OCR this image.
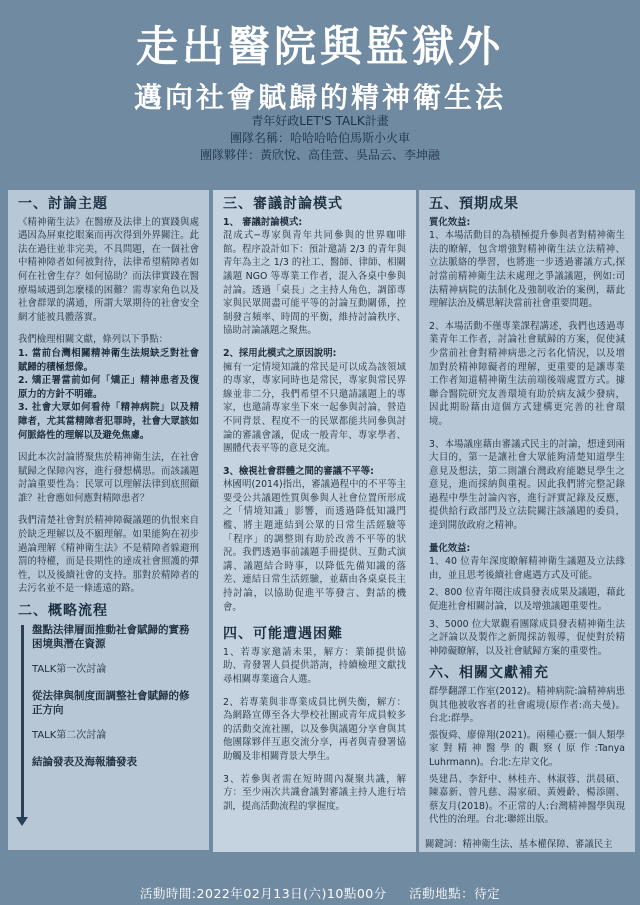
走出醫院與監獄外
邁向社會賦歸的精神衛生法
青年好政LET'S TALK計畫
團隊名稱：哈哈哈哈伯馬斯小火車
團隊夥伴：黃欣悅、高佳萱、吳品云、李坤融
一、討論主題

《精神衛生法》在醫療及法律上的實踐與處遇因為屏東挖眼案而再次得到外界關注。此法在過往並非完美，不具問題，在一個社會中精神障者如何被對待，法律希望精障者如何在社會生存？如何協助？而法律實踐在醫療場域遇到怎麼樣的困難？需專家角色以及社會群眾的溝通，所謂大眾期待的社會安全網才能被具體落實。

我們檢理相關文獻，條列以下爭點：
1. 當前台灣相關精神衛生法規缺乏對社會賦歸的積極想像。
2. 矯正署當前如何「矯正」精神患者及復原力的方針不明確。
3. 社會大眾如何看待「精神病院」以及精障者，尤其當精障者犯罪時，社會大眾該如何脈絡性的理解以及避免焦慮。

因此本次討論將聚焦於精神衛生法，在社會賦歸之保障內容，進行發想構思。而該議題討論重要性為：民眾可以理解法律到底照顧誰？社會應如何應對精障患者？

我們清楚社會對於精神障礙議題的仇恨來自於缺乏理解以及不願理解。如果能夠在初步過論理解《精神衛生法》不是精障者躲避刑罰的特權，而是長期性的達成社會照護的彈性，以及後續社會的支持。那對於精障者的去污名並不是一條遙遠的路。

二、概略流程
盤點法律層面推動社會賦歸的實務困境與潛在資源
TALK第一次討論
從法律與制度面調整社會賦歸的修正方向
TALK第二次討論
結論發表及海報牆發表
三、審議討論模式

1、 審議討論模式:
混成式─專家與青年共同參與的世界咖啡館。程序設計如下：預計邀請 2/3 的青年與青年為主之 1/3 的社工、醫師、律師、相關議題 NGO 等專業工作者，混入各桌中參與討論。透過「桌長」之主持人角色，調節專家與民眾間盡可能平等的討論互動關係，控制發言頻率、時間的平衡，維持討論秩序、協助討論議題之聚焦。

2、採用此模式之原因說明:
擁有一定情境知識的常民是可以成為該領域的專家，專家同時也是常民，專家與常民界線並非二分，我們希望不只邀請議題上的專家，也邀請專家坐下來一起參與討論，營造不同背景、程度不一的民眾都能共同參與討論的審議會議，促成一般青年、專家學者、團體代表平等的意見交流。

3、檢視社會群體之間的審議不平等:
林國明(2014)指出，審議過程中的不平等主要受公共議題性質與參與人社會位置所形成之「情境知識」影響，而透過降低知識門檻、將主題連結到公眾的日常生活經驗等「程序」的調整則有助於改善不平等的狀況。我們透過事前議題手冊提供、互動式演講、議題結合時事，以降低先備知識的落差、連結日常生活經驗，並藉由各桌桌長主持討論，以協助促進平等發言、對話的機會。

四、可能遭遇困難

1、若專家邀請未果，解方：業師提供協助、青發署人員提供諮詢，持續檢理文獻找尋相關專業適合人選。

2、若專業與非專業成員比例失衡，解方：為網路宣傳至各大學校社團或青年成員較多的活動交流社團，以及參與議題分享會與其他團隊夥伴互惠交流分享，再者與青發署協助觸及非相關背景大學生。

3、若參與者需在短時間內凝聚共識，解方：至少兩次共識會議對審議主持人進行培訓，提高活動流程的掌握度。

五、預期成果
質化效益:

1、本場活動目的為積極提升參與者對精神衛生法的瞭解，包含增強對精神衛生法立法精神、立法脈絡的學習，也將進一步透過審議方式,探討當前精神衛生法未處理之爭議議題，例如:司法精神病院的法制化及強制收治的案例，藉此理解法治及構思解決當前社會重要問題。

2、本場活動不僅專業課程講述，我們也透過專業青年工作者，討論社會賦歸的方案，促使減少當前社會對精神病患之污名化情況，以及增加對於精神障礙者的理解，更重要的是讓專業工作者知道精神衛生法前端後端處置方式。據聯合醫院研究友善環境有助於病友減少發病，因此期盼藉由這個方式建構更完善的社會環境。

3、本場議座藉由審議式民主的討論，想達到兩大目的，第一是讓社會大眾能夠清楚知道學生意見及想法，第二則讓台灣政府能聽見學生之意見，進而採納與重視。因此我們將完整記錄過程中學生討論內容，進行評實記錄及反應，提供給行政部門及立法院關注該議題的委員，達到開放政府之精神。

量化效益:

1、40 位青年深度瞭解精神衛生議題及立法緣由，並且思考後續社會處遇方式及可能。

2、800 位青年閱注成員發表成果及議題，藉此促進社會相關討論，以及增強議題重要性。

3、5000 位大眾觀看團隊成員發表精神衛生法之評論以及製作之新聞採訪報導，促使對於精神障礙瞭解，以及社會賦歸方案的重要性。

六、相關文獻補充

群學翻譯工作室(2012)。精神病院:論精神病患與其他被收容者的社會處境(原作者:高夫曼)。台北:群學。

張復舜、廖偉翔(2021)。兩種心靈:一個人類學家對精神醫學的觀察(原作:Tanya Luhrmann)。台北:左岸文化。

吳建昌、李舒中、林桂卉、林淑蓉、洪晨碩、陳嘉新、曾凡慈、湯家碩、黃嫚齡、楊添圍、蔡友月(2018)。不正常的人:台灣精神醫學與現代性的治理。台北:聯經出版。

關鍵詞：精神衛生法、基本權保障、審議民主
活動時間:2022年02月13日(六)10點00分 活動地點：待定
